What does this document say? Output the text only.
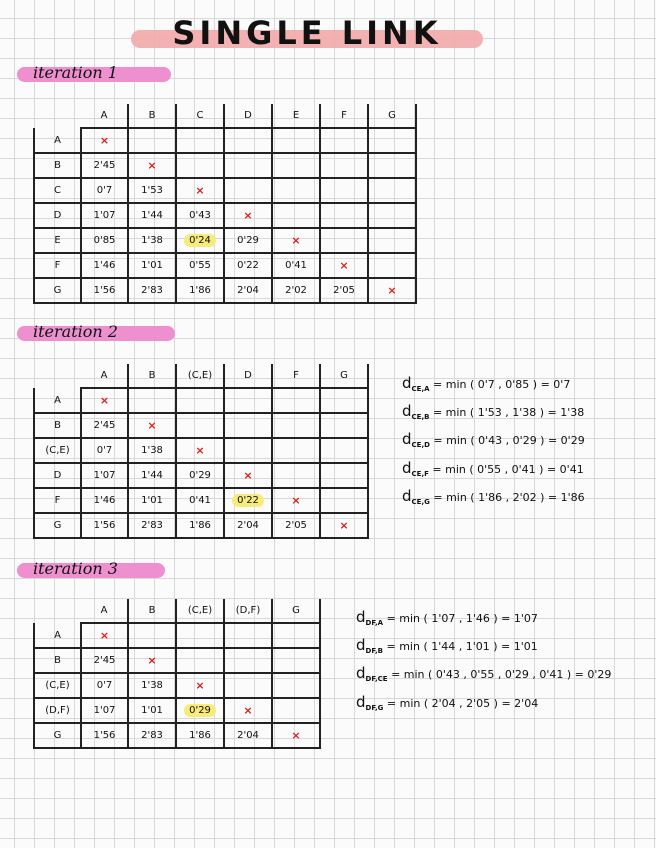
SINGLE LINK
iteration 1
	A	B	C	D	E	F	G
A	×						
B	2'45	×					
C	0'7	1'53	×				
D	1'07	1'44	0'43	×			
E	0'85	1'38	0'24	0'29	×		
F	1'46	1'01	0'55	0'22	0'41	×	
G	1'56	2'83	1'86	2'04	2'02	2'05	×
iteration 2
	A	B	(C,E)	D	F	G
A	×					
B	2'45	×				
(C,E)	0'7	1'38	×			
D	1'07	1'44	0'29	×		
F	1'46	1'01	0'41	0'22	×	
G	1'56	2'83	1'86	2'04	2'05	×
$d_{CE,A} = \min$ ( 0'7 , 0'85 ) = 0'7
$d_{CE,B} = \min$ ( 1'53 , 1'38 ) = 1'38
$d_{CE,D} = \min$ ( 0'43 , 0'29 ) = 0'29
$d_{CE,F} = \min$ ( 0'55 , 0'41 ) = 0'41
$d_{CE,G} = \min$ ( 1'86 , 2'02 ) = 1'86
iteration 3
	A	B	(C,E)	(D,F)	G
A	×				
B	2'45	×			
(C,E)	0'7	1'38	×		
(D,F)	1'07	1'01	0'29	×	
G	1'56	2'83	1'86	2'04	×
$d_{DF,A} = \min$ ( 1'07 , 1'46 ) = 1'07
$d_{DF,B} = \min$ ( 1'44 , 1'01 ) = 1'01
$d_{DF,CE} = \min$ ( 0'43 , 0'55 , 0'29 , 0'41 ) = 0'29
$d_{DF,G} = \min$ ( 2'04 , 2'05 ) = 2'04
